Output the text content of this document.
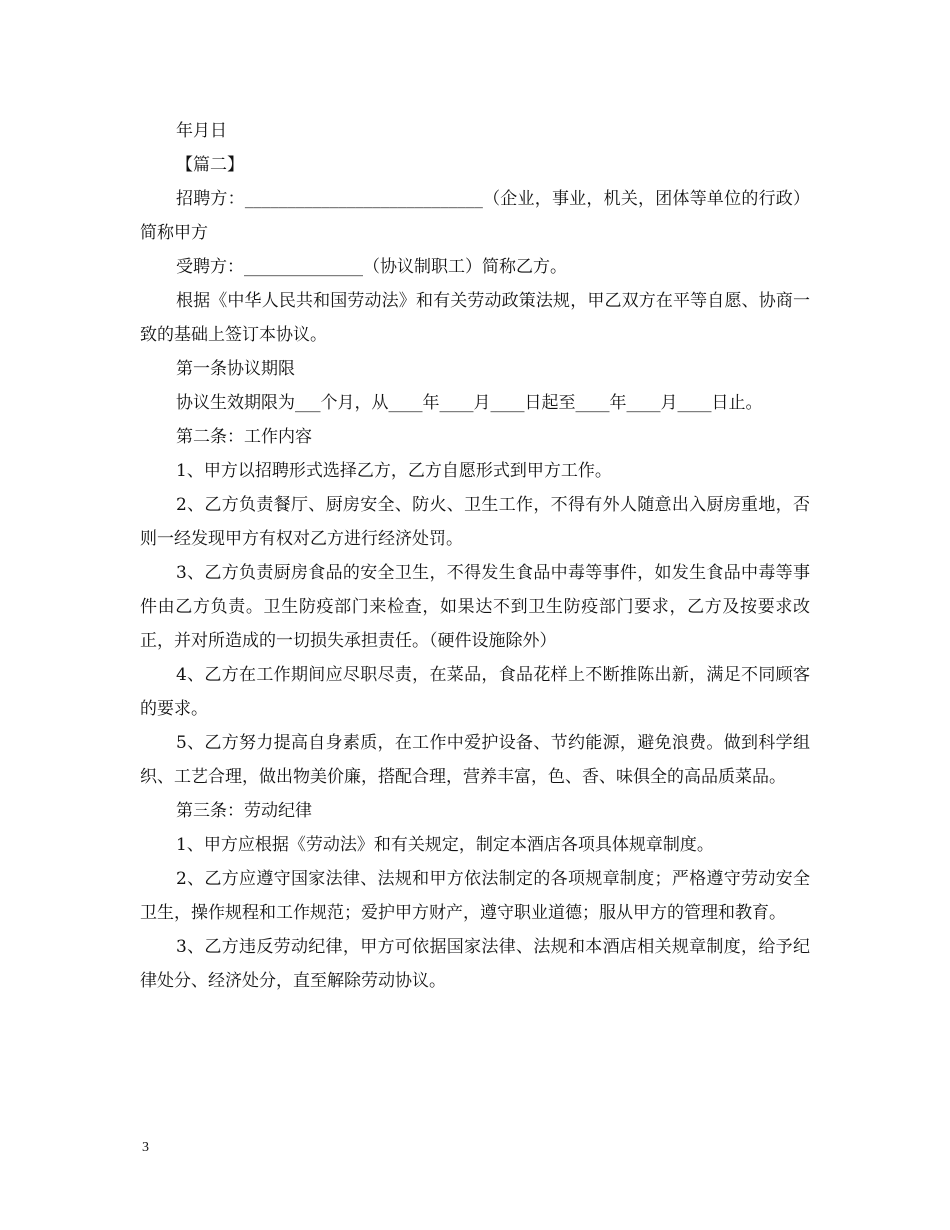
年月日

【篇二】

招聘方：____________________________（企业，事业，机关，团体等单位的行政）简称甲方

受聘方：______________（协议制职工）简称乙方。

根据《中华人民共和国劳动法》和有关劳动政策法规，甲乙双方在平等自愿、协商一致的基础上签订本协议。

第一条协议期限

协议生效期限为___个月，从____年____月____日起至____年____月____日止。

第二条：工作内容

1、甲方以招聘形式选择乙方，乙方自愿形式到甲方工作。

2、乙方负责餐厅、厨房安全、防火、卫生工作，不得有外人随意出入厨房重地，否则一经发现甲方有权对乙方进行经济处罚。

3、乙方负责厨房食品的安全卫生，不得发生食品中毒等事件，如发生食品中毒等事件由乙方负责。卫生防疫部门来检查，如果达不到卫生防疫部门要求，乙方及按要求改正，并对所造成的一切损失承担责任。（硬件设施除外）

4、乙方在工作期间应尽职尽责，在菜品，食品花样上不断推陈出新，满足不同顾客的要求。

5、乙方努力提高自身素质，在工作中爱护设备、节约能源，避免浪费。做到科学组织、工艺合理，做出物美价廉，搭配合理，营养丰富，色、香、味俱全的高品质菜品。

第三条：劳动纪律

1、甲方应根据《劳动法》和有关规定，制定本酒店各项具体规章制度。

2、乙方应遵守国家法律、法规和甲方依法制定的各项规章制度；严格遵守劳动安全卫生，操作规程和工作规范；爱护甲方财产，遵守职业道德；服从甲方的管理和教育。

3、乙方违反劳动纪律，甲方可依据国家法律、法规和本酒店相关规章制度，给予纪律处分、经济处分，直至解除劳动协议。

3
